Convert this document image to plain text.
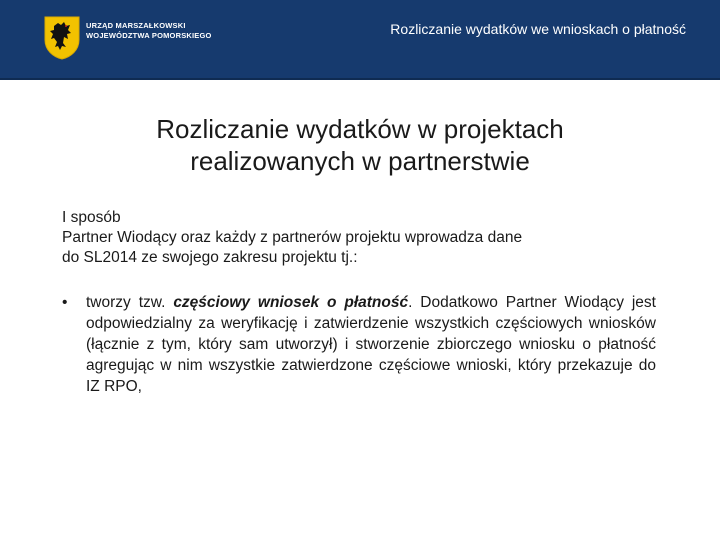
URZĄD MARSZAŁKOWSKI
WOJEWÓDZTWA POMORSKIEGO	Rozliczanie wydatków we wnioskach o płatność
Rozliczanie wydatków w projektach
realizowanych w partnerstwie
I sposób
Partner Wiodący oraz każdy z partnerów projektu wprowadza dane
do SL2014 ze swojego zakresu projektu tj.:
•	tworzy tzw. częściowy wniosek o płatność. Dodatkowo Partner Wiodący jest odpowiedzialny za weryfikację i zatwierdzenie wszystkich częściowych wniosków (łącznie z tym, który sam utworzył) i stworzenie zbiorczego wniosku o płatność agregując w nim wszystkie zatwierdzone częściowe wnioski, który przekazuje do IZ RPO,
